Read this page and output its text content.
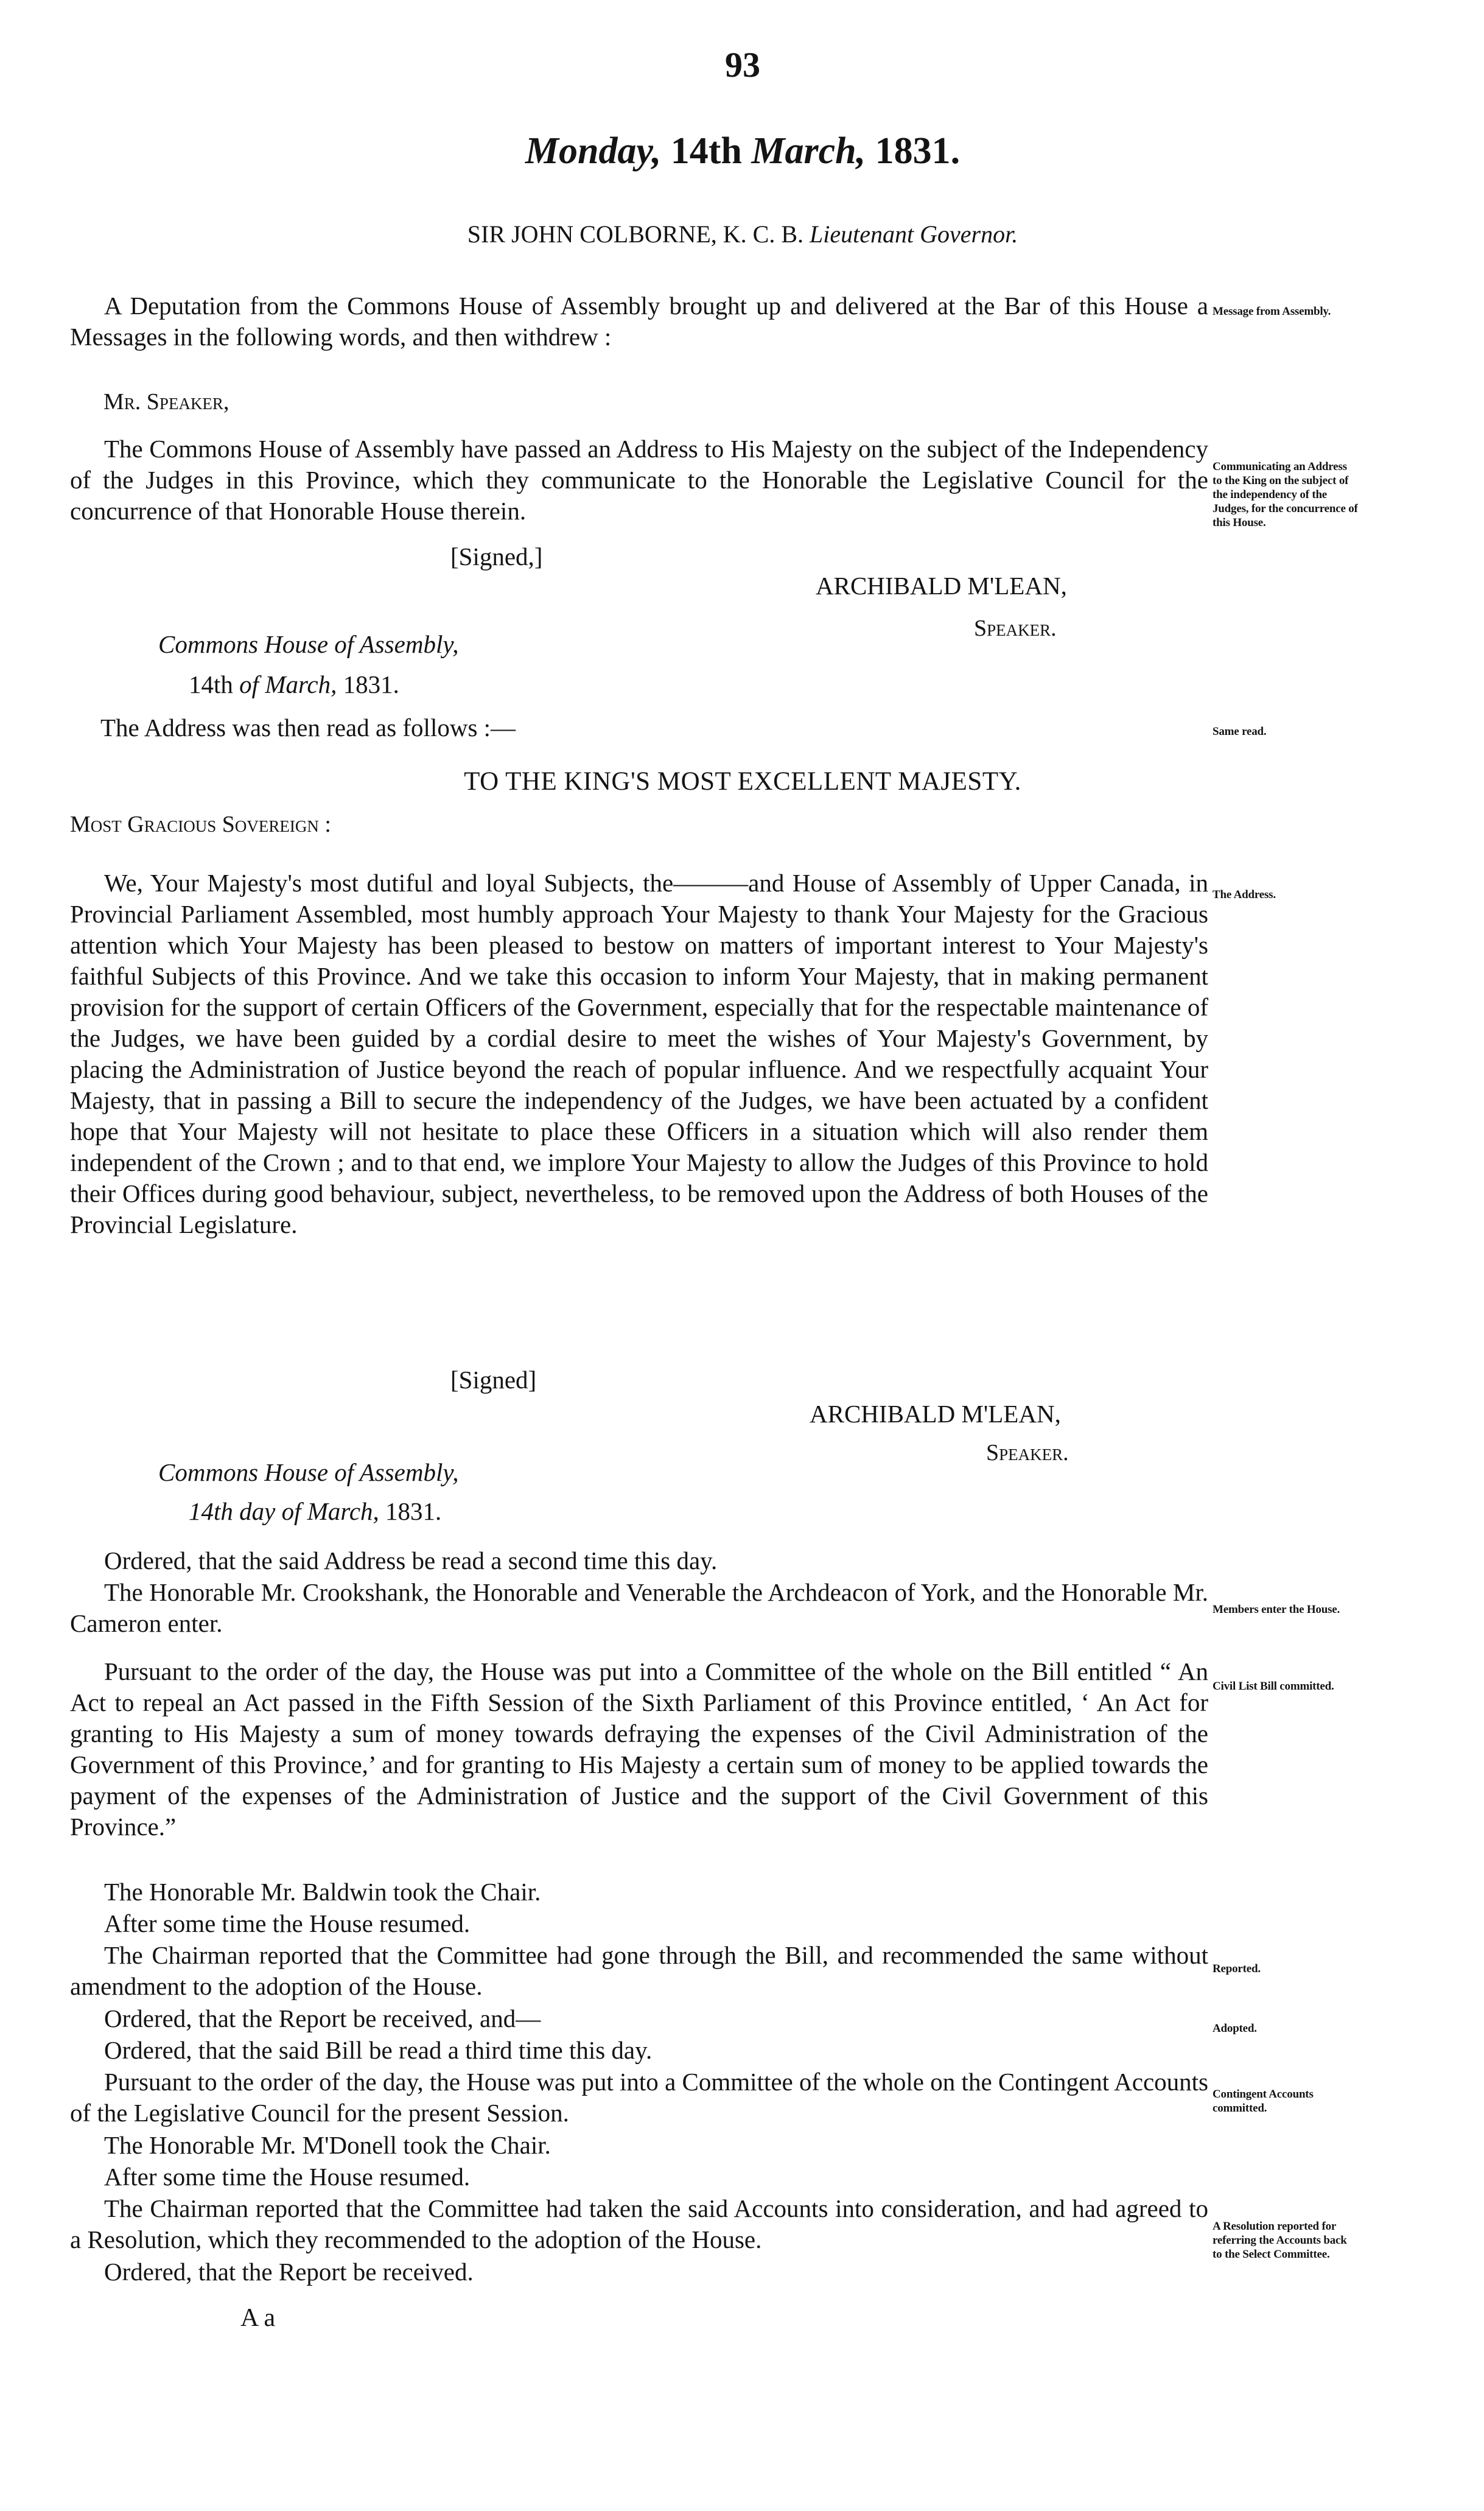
93
Monday, 14th March, 1831.
SIR JOHN COLBORNE, K. C. B. Lieutenant Governor.

A Deputation from the Commons House of Assembly brought up and delivered at the Bar of this House a Messages in the following words, and then withdrew :

Message from Assembly.
Mr. Speaker,

The Commons House of Assembly have passed an Address to His Majesty on the subject of the Independency of the Judges in this Province, which they communicate to the Honorable the Legislative Council for the concurrence of that Honorable House therein.

Communicating an Address to the King on the subject of the independency of the Judges, for the concurrence of this House.
[Signed,]
ARCHIBALD M'LEAN,
Speaker.
Commons House of Assembly,
14th of March, 1831.

The Address was then read as follows :—	Same read.
TO THE KING'S MOST EXCELLENT MAJESTY.
Most Gracious Sovereign :

We, Your Majesty's most dutiful and loyal Subjects, the———and House of Assembly of Upper Canada, in Provincial Parliament Assembled, most humbly approach Your Majesty to thank Your Majesty for the Gracious attention which Your Majesty has been pleased to bestow on matters of important interest to Your Majesty's faithful Subjects of this Province. And we take this occasion to inform Your Majesty, that in making permanent provision for the support of certain Officers of the Government, especially that for the respectable maintenance of the Judges, we have been guided by a cordial desire to meet the wishes of Your Majesty's Government, by placing the Administration of Justice beyond the reach of popular influence. And we respectfully acquaint Your Majesty, that in passing a Bill to secure the independency of the Judges, we have been actuated by a confident hope that Your Majesty will not hesitate to place these Officers in a situation which will also render them independent of the Crown ; and to that end, we implore Your Majesty to allow the Judges of this Province to hold their Offices during good behaviour, subject, nevertheless, to be removed upon the Address of both Houses of the Provincial Legislature.

The Address.
[Signed]
ARCHIBALD M'LEAN,
Speaker.
Commons House of Assembly,
14th day of March, 1831.

Ordered, that the said Address be read a second time this day.

The Honorable Mr. Crookshank, the Honorable and Venerable the Archdeacon of York, and the Honorable Mr. Cameron enter.	Members enter the House.

Pursuant to the order of the day, the House was put into a Committee of the whole on the Bill entitled “ An Act to repeal an Act passed in the Fifth Session of the Sixth Parliament of this Province entitled, ‘ An Act for granting to His Majesty a sum of money towards defraying the expenses of the Civil Administration of the Government of this Province,’ and for granting to His Majesty a certain sum of money to be applied towards the payment of the expenses of the Administration of Justice and the support of the Civil Government of this Province.”

Civil List Bill committed.

The Honorable Mr. Baldwin took the Chair.

After some time the House resumed.

The Chairman reported that the Committee had gone through the Bill, and recommended the same without amendment to the adoption of the House.

Reported.

Ordered, that the Report be received, and—	Adopted.

Ordered, that the said Bill be read a third time this day.

Pursuant to the order of the day, the House was put into a Committee of the whole on the Contingent Accounts of the Legislative Council for the present Session.

Contingent Accounts committed.

The Honorable Mr. M'Donell took the Chair.

After some time the House resumed.

The Chairman reported that the Committee had taken the said Accounts into consideration, and had agreed to a Resolution, which they recommended to the adoption of the House.	A Resolution reported for referring the Accounts back to the Select Committee.

Ordered, that the Report be received.

A a
